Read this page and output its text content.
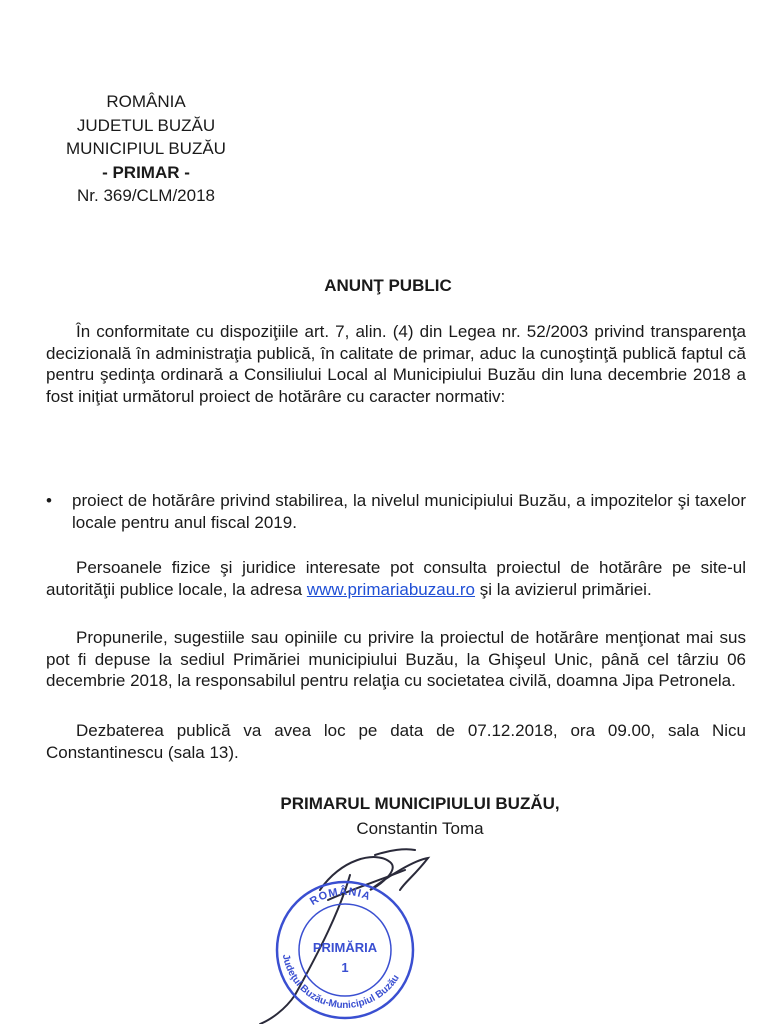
ROMÂNIA
JUDETUL BUZĂU
MUNICIPIUL BUZĂU
- PRIMAR -
Nr. 369/CLM/2018
ANUNŢ PUBLIC
În conformitate cu dispoziţiile art. 7, alin. (4) din Legea nr. 52/2003 privind transparenţa decizională în administraţia publică, în calitate de primar, aduc la cunoştinţă publică faptul că pentru şedinţa ordinară a Consiliului Local al Municipiului Buzău din luna decembrie 2018 a fost iniţiat următorul proiect de hotărâre cu caracter normativ:
•	proiect de hotărâre privind stabilirea, la nivelul municipiului Buzău, a impozitelor şi taxelor locale pentru anul fiscal 2019.
Persoanele fizice şi juridice interesate pot consulta proiectul de hotărâre pe site-ul autorităţii publice locale, la adresa www.primariabuzau.ro şi la avizierul primăriei.
Propunerile, sugestiile sau opiniile cu privire la proiectul de hotărâre menţionat mai sus pot fi depuse la sediul Primăriei municipiului Buzău, la Ghişeul Unic, până cel târziu 06 decembrie 2018, la responsabilul pentru relaţia cu societatea civilă, doamna Jipa Petronela.
Dezbaterea publică va avea loc pe data de 07.12.2018, ora 09.00, sala Nicu Constantinescu (sala 13).
PRIMARUL MUNICIPIULUI BUZĂU,
Constantin Toma
ROMÂNIA
Judeţul Buzău-Municipiul Buzău
PRIMĂRIA
1
